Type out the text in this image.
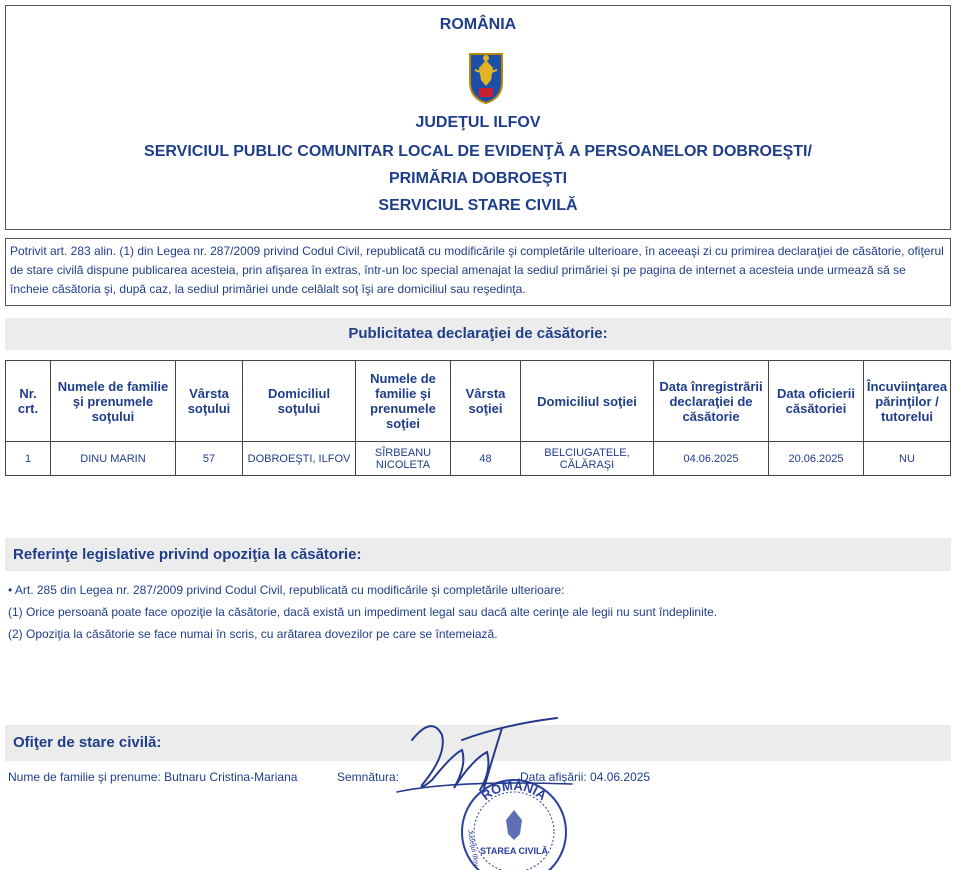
ROMÂNIA
JUDEŢUL ILFOV
SERVICIUL PUBLIC COMUNITAR LOCAL DE EVIDENŢĂ A PERSOANELOR DOBROEŞTI/
PRIMĂRIA DOBROEŞTI
SERVICIUL STARE CIVILĂ
Potrivit art. 283 alin. (1) din Legea nr. 287/2009 privind Codul Civil, republicată cu modificările şi completările ulterioare, în aceeaşi zi cu primirea declaraţiei de căsătorie, ofiţerul de stare civilă dispune publicarea acesteia, prin afişarea în extras, într-un loc special amenajat la sediul primăriei şi pe pagina de internet a acesteia unde urmează să se încheie căsătoria şi, după caz, la sediul primăriei unde celălalt soţ îşi are domiciliul sau reşedinţa.
Publicitatea declaraţiei de căsătorie:
Nr. crt.	Numele de familie şi prenumele soţului	Vârsta soţului	Domiciliul soţului	Numele de familie şi prenumele soţiei	Vârsta soţiei	Domiciliul soţiei	Data înregistrării declaraţiei de căsătorie	Data oficierii căsătoriei	Încuviinţarea părinţilor / tutorelui
1	DINU MARIN	57	DOBROEŞTI, ILFOV	SÎRBEANU NICOLETA	48	BELCIUGATELE, CĂLĂRAŞI	04.06.2025	20.06.2025	NU
Referinţe legislative privind opoziţia la căsătorie:
• Art. 285 din Legea nr. 287/2009 privind Codul Civil, republicată cu modificările şi completările ulterioare:
(1) Orice persoană poate face opoziţie la căsătorie, dacă există un impediment legal sau dacă alte cerinţe ale legii nu sunt îndeplinite.
(2) Opoziţia la căsătorie se face numai în scris, cu arătarea dovezilor pe care se întemeiază.
Ofiţer de stare civilă:
Nume de familie şi prenume: Butnaru Cristina-Mariana	Semnătura:	Data afişării: 04.06.2025
ROMÂNIA
STAREA CIVILĂ
Judeţul Ilfov
